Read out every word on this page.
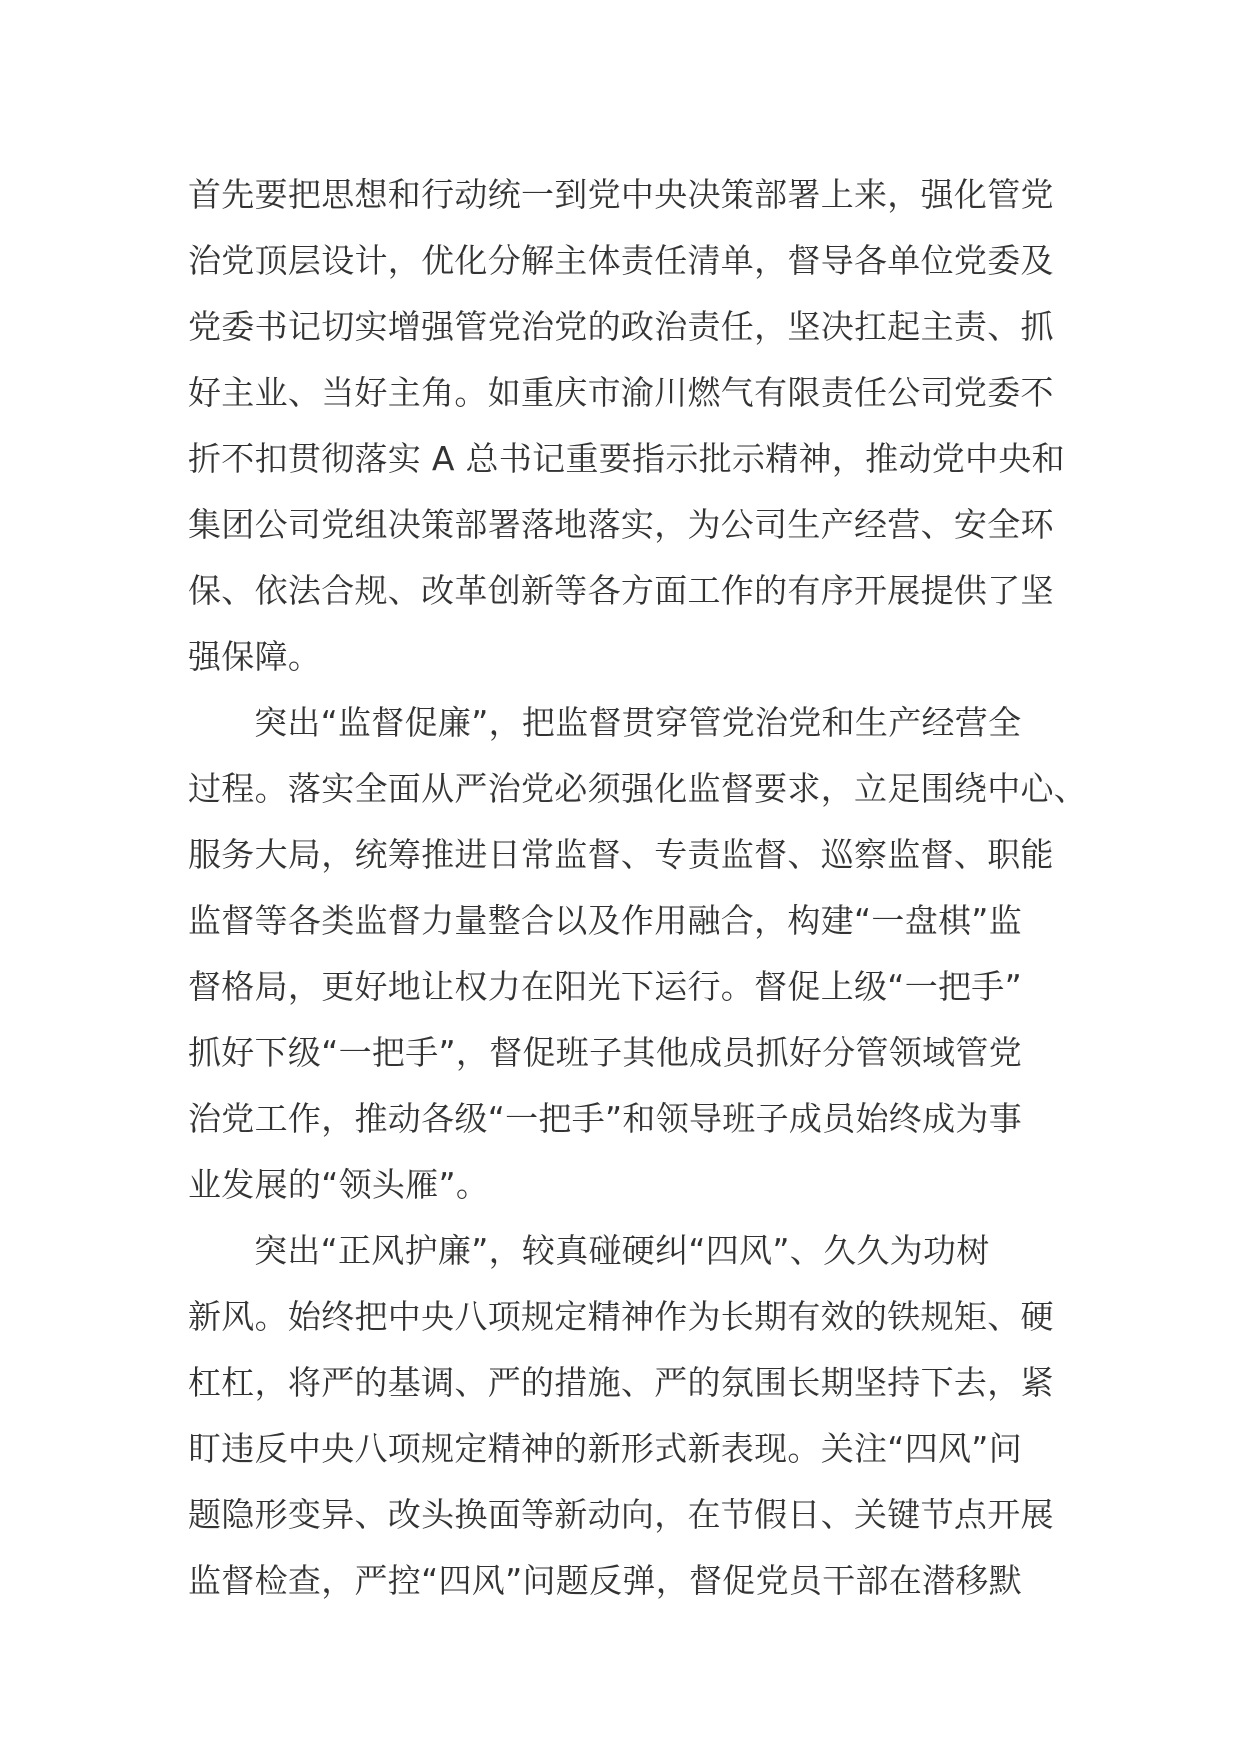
首先要把思想和行动统一到党中央决策部署上来，强化管党
治党顶层设计，优化分解主体责任清单，督导各单位党委及
党委书记切实增强管党治党的政治责任，坚决扛起主责、抓
好主业、当好主角。如重庆市渝川燃气有限责任公司党委不
折不扣贯彻落实 A 总书记重要指示批示精神，推动党中央和
集团公司党组决策部署落地落实，为公司生产经营、安全环
保、依法合规、改革创新等各方面工作的有序开展提供了坚
强保障。
突出“监督促廉”，把监督贯穿管党治党和生产经营全
过程。落实全面从严治党必须强化监督要求，立足围绕中心、
服务大局，统筹推进日常监督、专责监督、巡察监督、职能
监督等各类监督力量整合以及作用融合，构建“一盘棋”监
督格局，更好地让权力在阳光下运行。督促上级“一把手”
抓好下级“一把手”，督促班子其他成员抓好分管领域管党
治党工作，推动各级“一把手”和领导班子成员始终成为事
业发展的“领头雁”。
突出“正风护廉”，较真碰硬纠“四风”、久久为功树
新风。始终把中央八项规定精神作为长期有效的铁规矩、硬
杠杠，将严的基调、严的措施、严的氛围长期坚持下去，紧
盯违反中央八项规定精神的新形式新表现。关注“四风”问
题隐形变异、改头换面等新动向，在节假日、关键节点开展
监督检查，严控“四风”问题反弹，督促党员干部在潜移默
